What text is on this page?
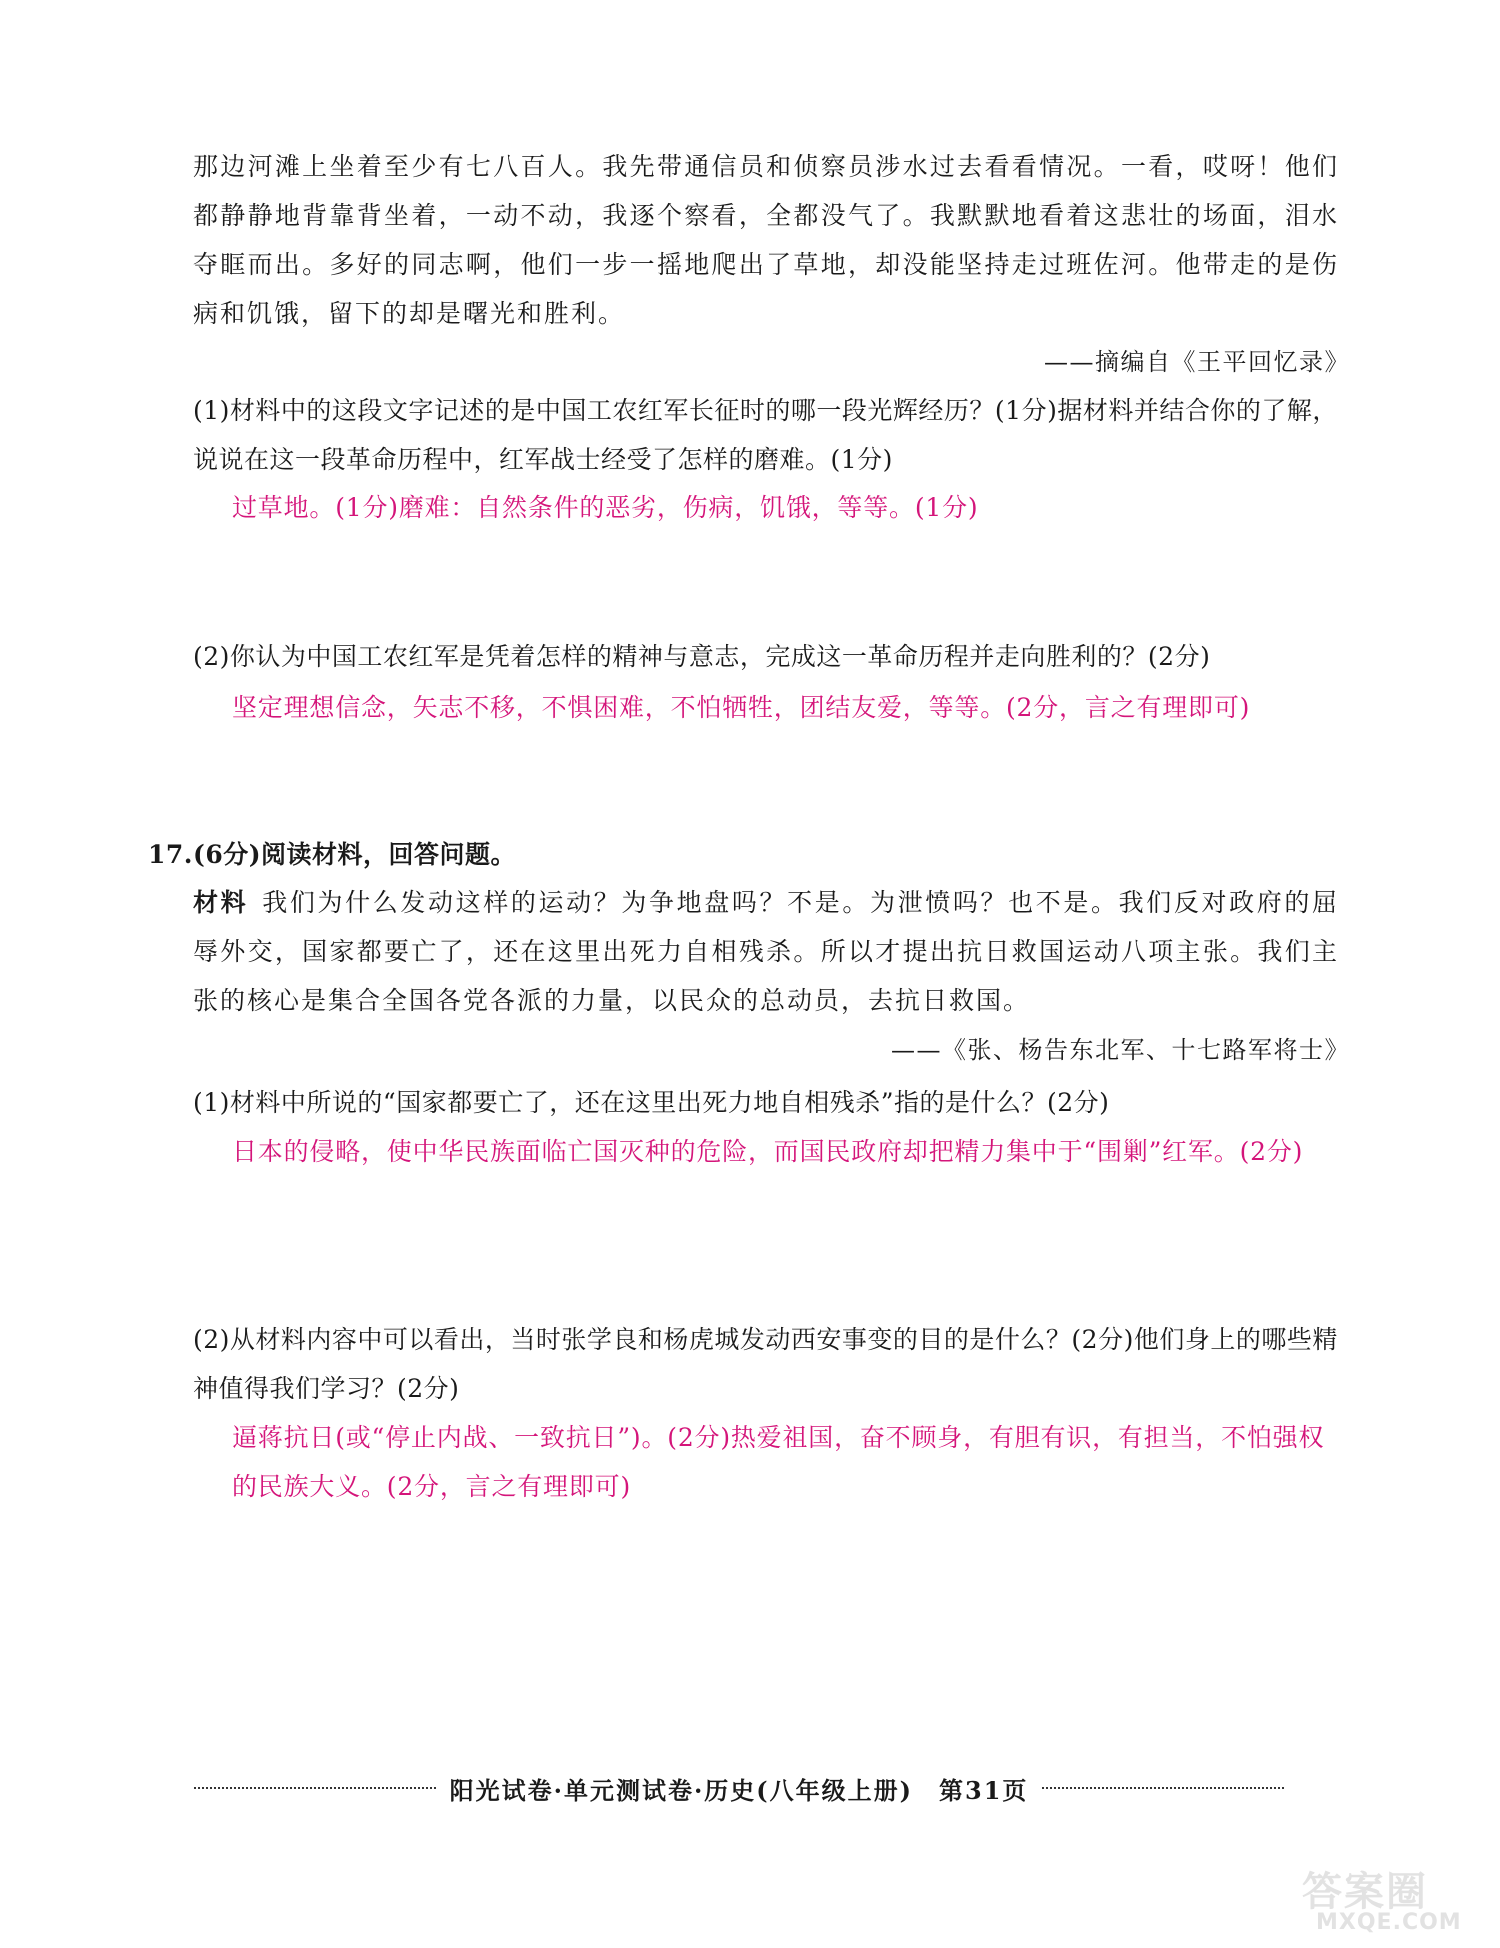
那边河滩上坐着至少有七八百人。我先带通信员和侦察员涉水过去看看情况。一看，哎呀！他们都静静地背靠背坐着，一动不动，我逐个察看，全都没气了。我默默地看着这悲壮的场面，泪水夺眶而出。多好的同志啊，他们一步一摇地爬出了草地，却没能坚持走过班佐河。他带走的是伤病和饥饿，留下的却是曙光和胜利。
——摘编自《王平回忆录》
(1)材料中的这段文字记述的是中国工农红军长征时的哪一段光辉经历？(1分)据材料并结合你的了解，说说在这一段革命历程中，红军战士经受了怎样的磨难。(1分)
过草地。(1分)磨难：自然条件的恶劣，伤病，饥饿，等等。(1分)
(2)你认为中国工农红军是凭着怎样的精神与意志，完成这一革命历程并走向胜利的？(2分)
坚定理想信念，矢志不移，不惧困难，不怕牺牲，团结友爱，等等。(2分，言之有理即可)
17.(6分)阅读材料，回答问题。
材料 我们为什么发动这样的运动？为争地盘吗？不是。为泄愤吗？也不是。我们反对政府的屈辱外交，国家都要亡了，还在这里出死力自相残杀。所以才提出抗日救国运动八项主张。我们主张的核心是集合全国各党各派的力量，以民众的总动员，去抗日救国。
——《张、杨告东北军、十七路军将士》
(1)材料中所说的“国家都要亡了，还在这里出死力地自相残杀”指的是什么？(2分)
日本的侵略，使中华民族面临亡国灭种的危险，而国民政府却把精力集中于“围剿”红军。(2分)
(2)从材料内容中可以看出，当时张学良和杨虎城发动西安事变的目的是什么？(2分)他们身上的哪些精神值得我们学习？(2分)
逼蒋抗日(或“停止内战、一致抗日”)。(2分)热爱祖国，奋不顾身，有胆有识，有担当，不怕强权的民族大义。(2分，言之有理即可)
阳光试卷·单元测试卷·历史(八年级上册)　第31页
答案圈
MXQE.COM
